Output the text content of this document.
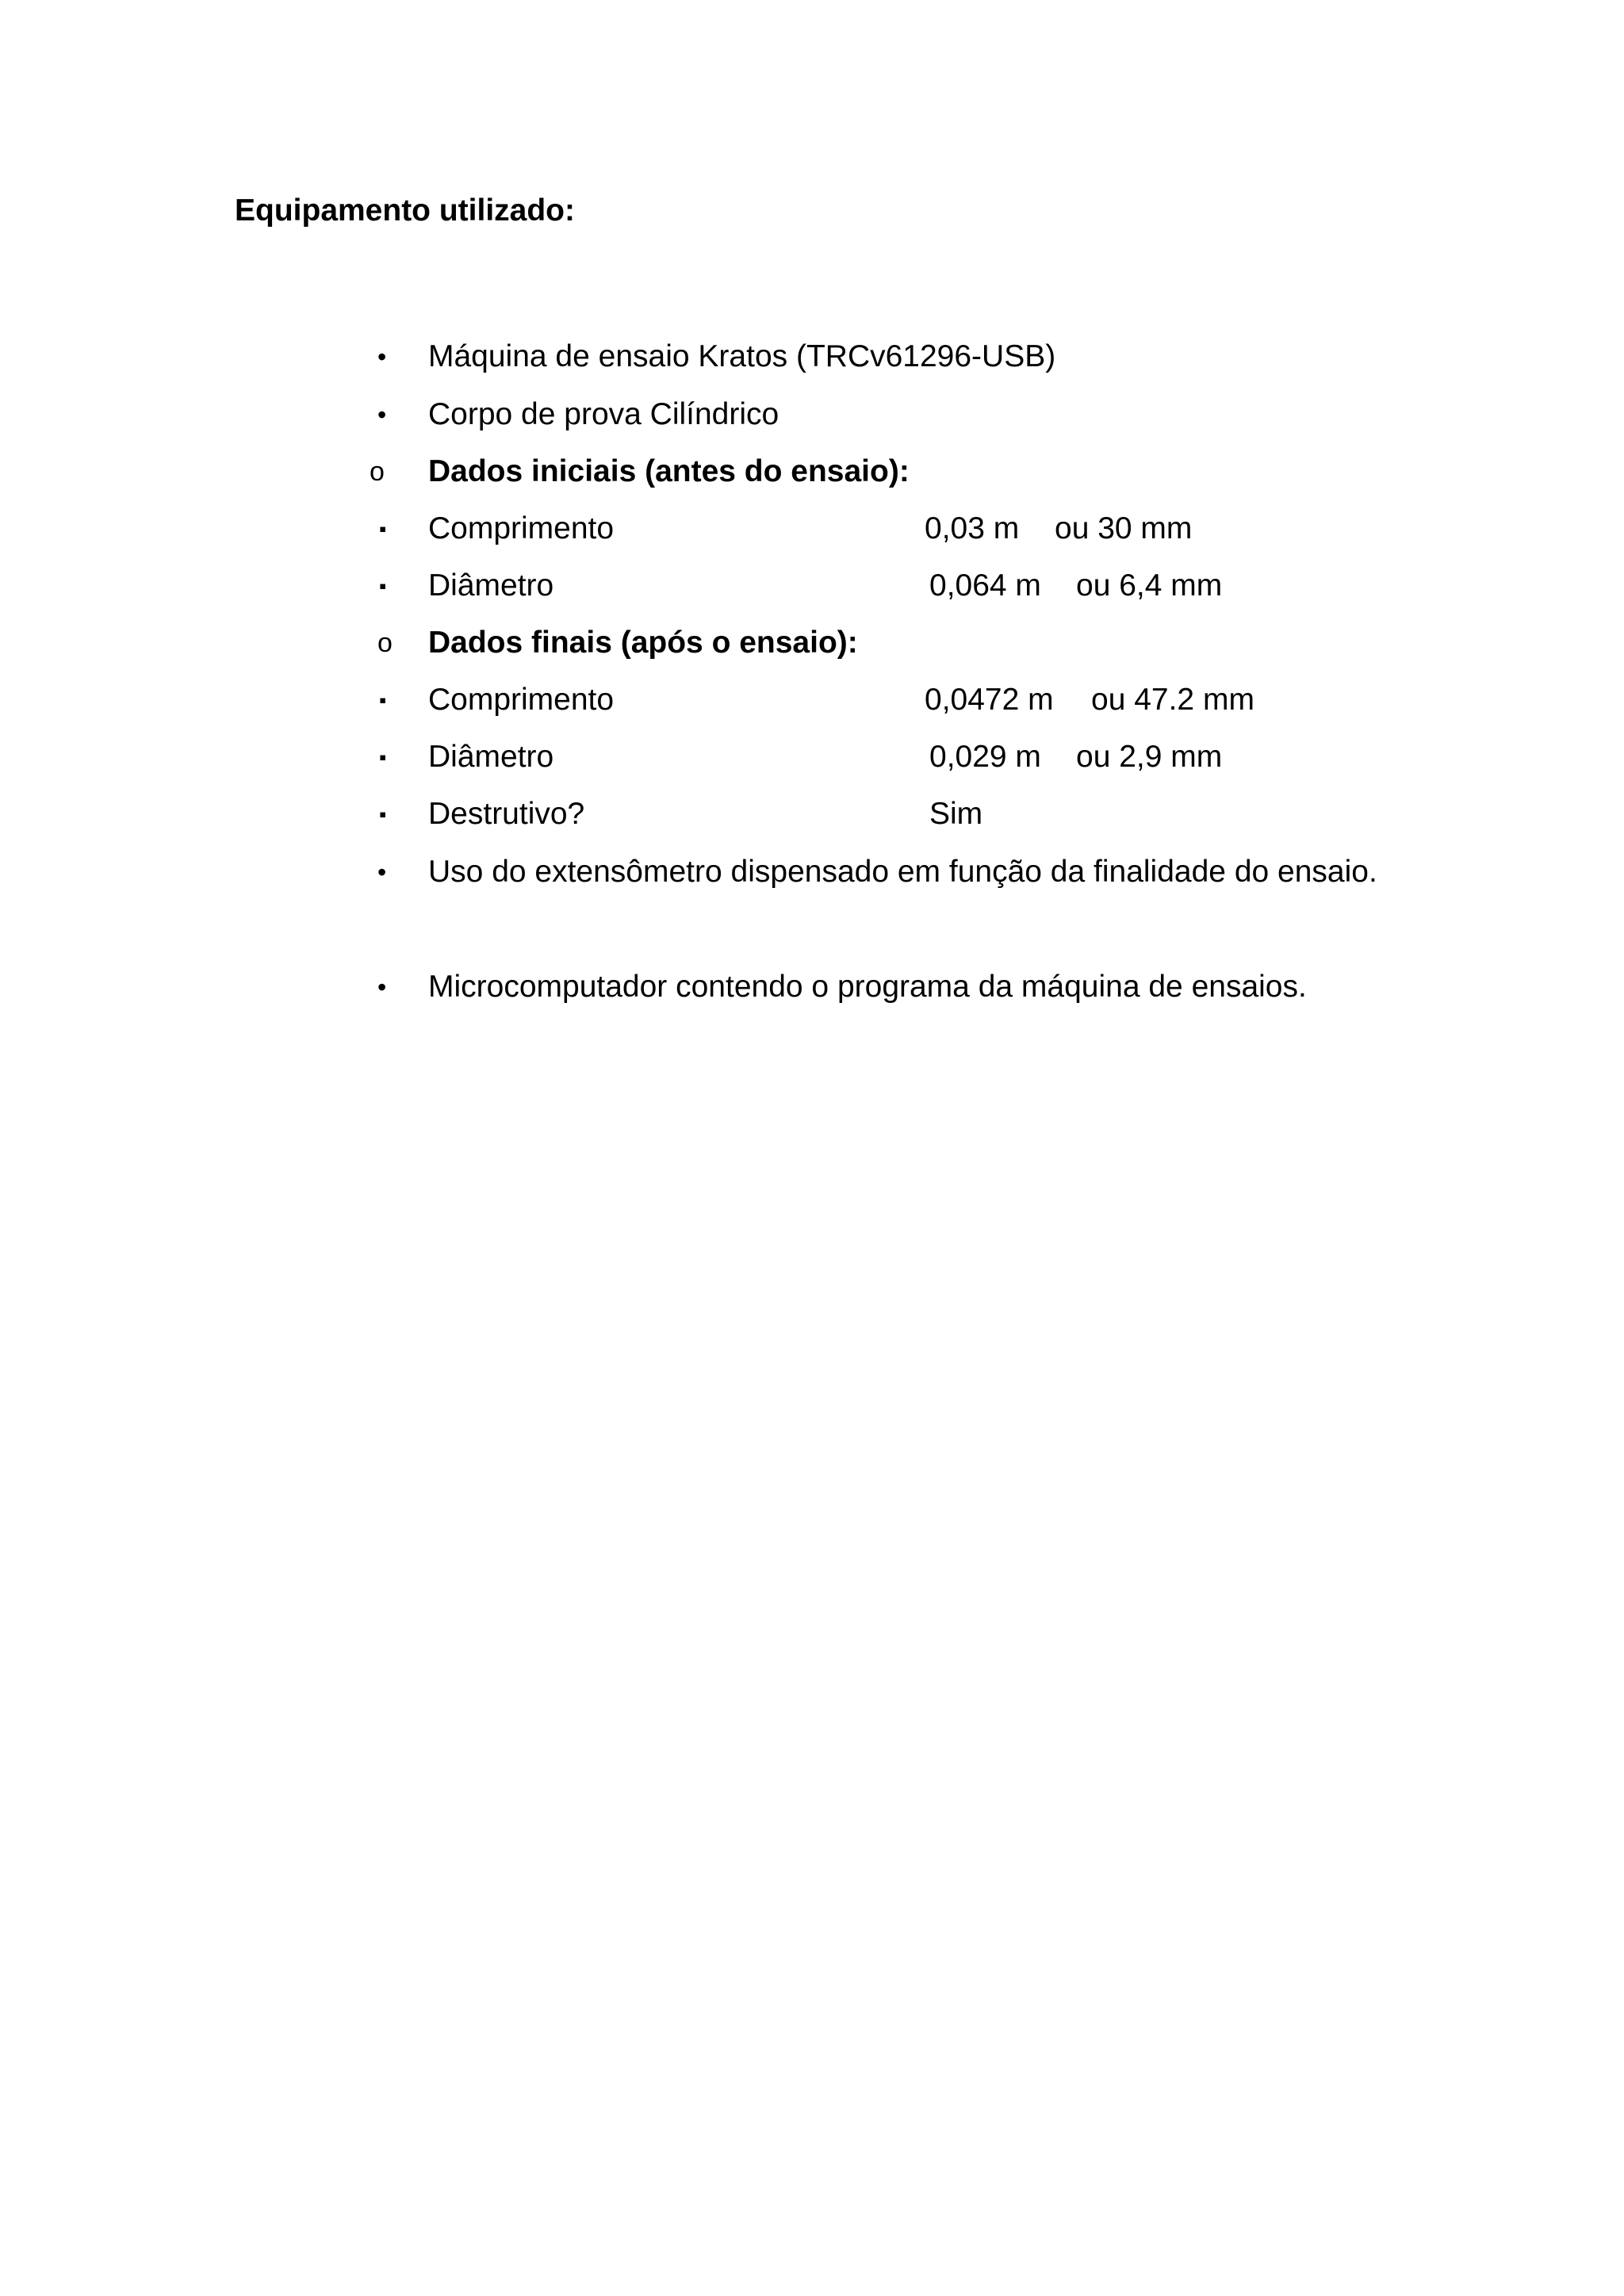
Equipamento utilizado:
• Máquina de ensaio Kratos (TRCv61296-USB)
• Corpo de prova Cilíndrico
o Dados iniciais (antes do ensaio):
▪ Comprimento	0,03 m ou 30 mm
▪ Diâmetro	0,064 m ou 6,4 mm
o Dados finais (após o ensaio):
▪ Comprimento	0,0472 m ou 47.2 mm
▪ Diâmetro	0,029 m ou 2,9 mm
▪ Destrutivo?	Sim
• Uso do extensômetro dispensado em função da finalidade do ensaio.
• Microcomputador contendo o programa da máquina de ensaios.
